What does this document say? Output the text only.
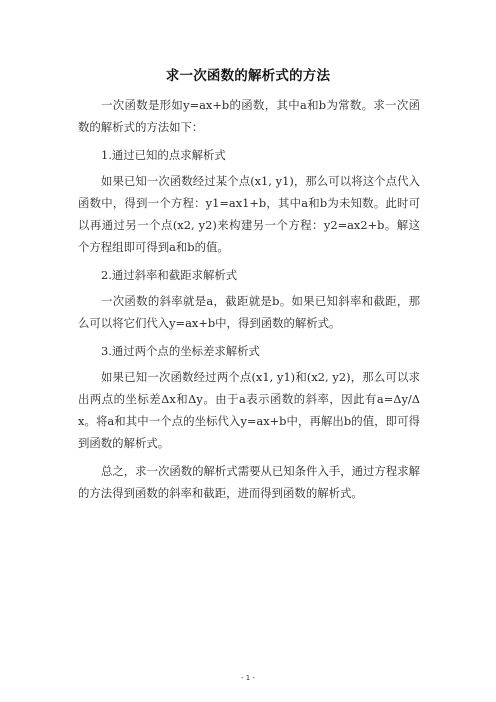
求一次函数的解析式的方法

一次函数是形如y=ax+b的函数，其中a和b为常数。求一次函数的解析式的方法如下：

1.通过已知的点求解析式

如果已知一次函数经过某个点(x1, y1)，那么可以将这个点代入函数中，得到一个方程：y1=ax1+b，其中a和b为未知数。此时可以再通过另一个点(x2, y2)来构建另一个方程：y2=ax2+b。解这个方程组即可得到a和b的值。

2.通过斜率和截距求解析式

一次函数的斜率就是a，截距就是b。如果已知斜率和截距，那么可以将它们代入y=ax+b中，得到函数的解析式。

3.通过两个点的坐标差求解析式

如果已知一次函数经过两个点(x1, y1)和(x2, y2)，那么可以求出两点的坐标差Δx和Δy。由于a表示函数的斜率，因此有a=Δy/Δx。将a和其中一个点的坐标代入y=ax+b中，再解出b的值，即可得到函数的解析式。

总之，求一次函数的解析式需要从已知条件入手，通过方程求解的方法得到函数的斜率和截距，进而得到函数的解析式。

- 1 -
